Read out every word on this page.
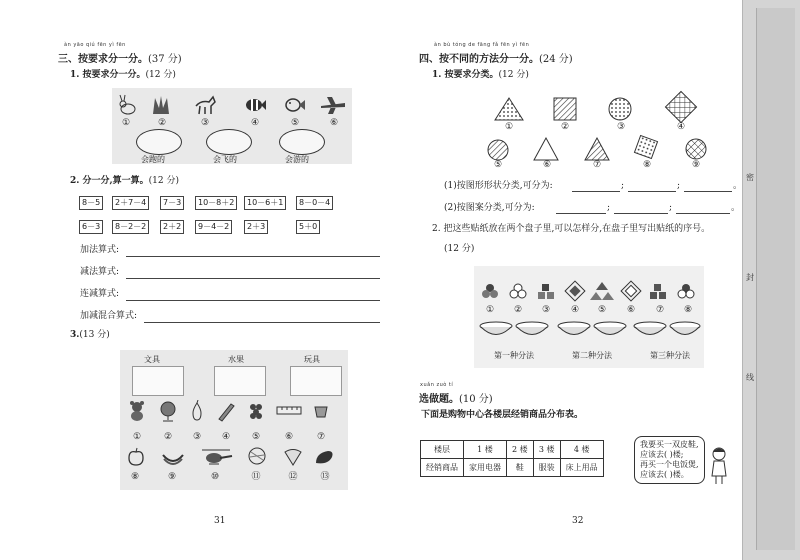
àn yāo qiú fēn yì fēn
三、按要求分一分。(37 分)
1. 按要求分一分。(12 分)
①	②	③	④	⑤	⑥
会跑的	会飞的	会游的
2. 分一分,算一算。(12 分)
8－5	2＋7－4	7－3	10－8＋2	10－6＋1	8－0－4
6－3	8－2－2	2＋2	9－4－2	2＋3	5＋0
加法算式:
减法算式:
连减算式:
加减混合算式:
3.(13 分)
文具	水果	玩具
①	②	③	④	⑤	⑥	⑦
⑧	⑨	⑩	⑪	⑫	⑬
31
àn bù tóng de fāng fǎ fēn yì fēn
四、按不同的方法分一分。(24 分)
1. 按要求分类。(12 分)
①	②	③	④
⑤	⑥	⑦	⑧	⑨
(1)按图形形状分类,可分为:	;	;	。
(2)按图案分类,可分为:	;	;	。
2. 把这些贴纸放在两个盘子里,可以怎样分,在盘子里写出贴纸的序号。
(12 分)
①	②	③	④	⑤	⑥	⑦	⑧
第一种分法	第二种分法	第三种分法
xuǎn zuò tí
选做题。(10 分)
下面是购物中心各楼层经销商品分布表。
楼层	1 楼	2 楼	3 楼	4 楼
经销商品	家用电器	鞋	服装	床上用品
我要买一双皮鞋,
应该去( )楼;
再买一个电饭煲,
应该去( )楼。
32
密
封
线
